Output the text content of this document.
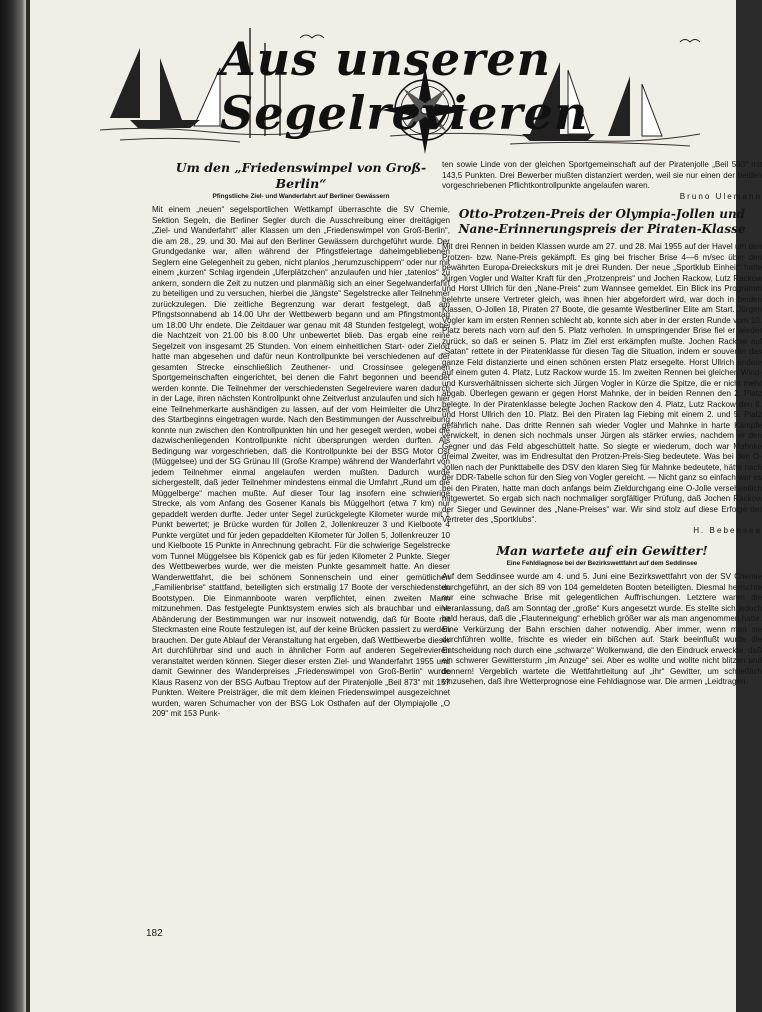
Aus unseren Segelrevieren
Um den „Friedenswimpel von Groß-Berlin“
Pfingstliche Ziel- und Wanderfahrt auf Berliner Gewässern

Mit einem „neuen“ segelsportlichen Wettkampf überraschte die SV Chemie, Sektion Segeln, die Berliner Segler durch die Ausschreibung einer dreitägigen „Ziel- und Wanderfahrt“ aller Klassen um den „Friedenswimpel von Groß-Berlin“, die am 28., 29. und 30. Mai auf den Berliner Gewässern durchgeführt wurde. Der Grundgedanke war, allen während der Pfingstfeiertage daheimgebliebenen Seglern eine Gelegenheit zu geben, nicht planlos „herumzuschippern“ oder nur mit einem „kurzen“ Schlag irgendein „Uferplätzchen“ anzulaufen und hier „tatenlos“ zu ankern, sondern die Zeit zu nutzen und planmäßig sich an einer Segelwanderfahrt zu beteiligen und zu versuchen, hierbei die „längste“ Segelstrecke aller Teilnehmer zurückzulegen. Die zeitliche Begrenzung war derart festgelegt, daß am Pfingstsonnabend ab 14.00 Uhr der Wettbewerb begann und am Pfingstmontag um 18.00 Uhr endete. Die Zeitdauer war genau mit 48 Stunden festgelegt, wobei die Nachtzeit von 21.00 bis 8.00 Uhr unbewertet blieb. Das ergab eine reine Segelzeit von insgesamt 25 Stunden. Von einem einheitlichen Start- oder Zielort hatte man abgesehen und dafür neun Kontrollpunkte bei verschiedenen auf der gesamten Strecke einschließlich Zeuthener- und Crossinsee gelegenen Sportgemeinschaften eingerichtet, bei denen die Fahrt begonnen und beendet werden konnte. Die Teilnehmer der verschiedensten Segelreviere waren dadurch in der Lage, ihren nächsten Kontrollpunkt ohne Zeitverlust anzulaufen und sich hier eine Teilnehmerkarte aushändigen zu lassen, auf der vom Heimleiter die Uhrzeit des Startbeginns eingetragen wurde. Nach den Bestimmungen der Ausschreibung konnte nun zwischen den Kontrollpunkten hin und her gesegelt werden, wobei die dazwischenliegenden Kontrollpunkte nicht übersprungen werden durften. Als Bedingung war vorgeschrieben, daß die Kontrollpunkte bei der BSG Motor Ost (Müggelsee) und der SG Grünau III (Große Krampe) während der Wanderfahrt von jedem Teilnehmer einmal angelaufen werden mußten. Dadurch wurde sichergestellt, daß jeder Teilnehmer mindestens einmal die Umfahrt „Rund um die Müggelberge“ machen mußte. Auf dieser Tour lag insofern eine schwierige Strecke, als vom Anfang des Gosener Kanals bis Müggelhort (etwa 7 km) nur gepaddelt werden durfte. Jeder unter Segel zurückgelegte Kilometer wurde mit 1 Punkt bewertet; je Brücke wurden für Jollen 2, Jollenkreuzer 3 und Kielboote 4 Punkte vergütet und für jeden gepaddelten Kilometer für Jollen 5, Jollenkreuzer 10 und Kielboote 15 Punkte in Anrechnung gebracht. Für die schwierige Segelstrecke vom Tunnel Müggelsee bis Köpenick gab es für jeden Kilometer 2 Punkte. Sieger des Wettbewerbes wurde, wer die meisten Punkte gesammelt hatte. An dieser Wanderwettfahrt, die bei schönem Sonnenschein und einer gemütlichen „Familienbrise“ stattfand, beteiligten sich erstmalig 17 Boote der verschiedensten Bootstypen. Die Einmannboote waren verpflichtet, einen zweiten Mann mitzunehmen. Das festgelegte Punktsystem erwies sich als brauchbar und eine Abänderung der Bestimmungen war nur insoweit notwendig, daß für Boote mit Steckmasten eine Route festzulegen ist, auf der keine Brücken passiert zu werden brauchen. Der gute Ablauf der Veranstaltung hat ergeben, daß Wettbewerbe dieser Art durchführbar sind und auch in ähnlicher Form auf anderen Segelrevieren veranstaltet werden können. Sieger dieser ersten Ziel- und Wanderfahrt 1955 und damit Gewinner des Wanderpreises „Friedenswimpel von Groß-Berlin“ wurde Klaus Rasenz von der BSG Aufbau Treptow auf der Piratenjolle „Beil 873“ mit 157 Punkten. Weitere Preisträger, die mit dem kleinen Friedenswimpel ausgezeichnet wurden, waren Schumacher von der BSG Lok Osthafen auf der Olympiajolle „O 209“ mit 153 Punk-

ten sowie Linde von der gleichen Sportgemeinschaft auf der Piratenjolle „Beil 593“ mit 143,5 Punkten. Drei Bewerber mußten distanziert werden, weil sie nur einen der beiden vorgeschriebenen Pflichtkontrollpunkte angelaufen waren.

Bruno Ulemann

Otto-Protzen-Preis der Olympia-Jollen und Nane-Erinnerungspreis der Piraten-Klasse

Mit drei Rennen in beiden Klassen wurde am 27. und 28. Mai 1955 auf der Havel um den Protzen- bzw. Nane-Preis gekämpft. Es ging bei frischer Brise 4—6 m/sec über den bewährten Europa-Dreieckskurs mit je drei Runden. Der neue „Sportklub Einheit“ hatte Jürgen Vogler und Walter Kraft für den „Protzenpreis“ und Jochen Rackow, Lutz Rackow und Horst Ullrich für den „Nane-Preis“ zum Wannsee gemeldet. Ein Blick ins Programm belehrte unsere Vertreter gleich, was ihnen hier abgefordert wird, war doch in beiden Klassen, O-Jollen 18, Piraten 27 Boote, die gesamte Westberliner Elite am Start. Jürgen Vogler kam im ersten Rennen schlecht ab, konnte sich aber in der ersten Runde vom 10. Platz berets nach vorn auf den 5. Platz verholen. In umspringender Brise fiel er wieder zurück, so daß er seinen 5. Platz im Ziel erst erkämpfen mußte. Jochen Rackow auf „Satan“ rettete in der Piratenklasse für diesen Tag die Situation, indem er souverän das ganze Feld distanzierte und einen schönen ersten Platz ersegelte. Horst Ullrich endete auf einem guten 4. Platz, Lutz Rackow wurde 15. Im zweiten Rennen bei gleichen Wind- und Kursverhältnissen sicherte sich Jürgen Vogler in Kürze die Spitze, die er nicht mehr abgab. Überlegen gewann er gegen Horst Mahnke, der in beiden Rennen den 2. Platz belegte. In der Piratenklasse belegte Jochen Rackow den 4. Platz, Lutz Rackow den 8. und Horst Ullrich den 10. Platz. Bei den Piraten lag Fiebing mit einem 2. und 5. Platz gefährlich nahe. Das dritte Rennen sah wieder Vogler und Mahnke in harte Kämpfe verwickelt, in denen sich nochmals unser Jürgen als stärker erwies, nachdem er den Gegner und das Feld abgeschüttelt hatte. So siegte er wiederum, doch war Mahnke dreimal Zweiter, was im Endresultat den Protzen-Preis-Sieg bedeutete. Was bei den O-Jollen nach der Punkttabelle des DSV den klaren Sieg für Mahnke bedeutete, hätte nach der DDR-Tabelle schon für den Sieg von Vogler gereicht. — Nicht ganz so einfach war es bei den Piraten, hatte man doch anfangs beim Zieldurchgang eine O-Jolle versehentlich mitgewertet. So ergab sich nach nochmaliger sorgfältiger Prüfung, daß Jochen Rackow der Sieger und Gewinner des „Nane-Preises“ war. Wir sind stolz auf diese Erfolge der Vertreter des „Sportklubs“.

H. Bebensee

Man wartete auf ein Gewitter!
Eine Fehldiagnose bei der Bezirkswettfahrt auf dem Seddinsee

Auf dem Seddinsee wurde am 4. und 5. Juni eine Bezirkswettfahrt von der SV Chemie durchgeführt, an der sich 89 von 104 gemeldeten Booten beteiligten. Diesmal herrschte nur eine schwache Brise mit gelegentlichen Auffrischungen. Letztere waren die Veranlassung, daß am Sonntag der „große“ Kurs angesetzt wurde. Es stellte sich jedoch bald heraus, daß die „Flautenneigung“ erheblich größer war als man angenommen hatte. Eine Verkürzung der Bahn erschien daher notwendig. Aber immer, wenn man sie durchführen wollte, frischte es wieder ein bißchen auf. Stark beeinflußt wurde die Entscheidung noch durch eine „schwarze“ Wolkenwand, die den Eindruck erweckte, daß ein schwerer Gewittersturm „im Anzuge“ sei. Aber es wollte und wollte nicht blitzen und donnern! Vergeblich wartete die Wettfahrtleitung auf „ihr“ Gewitter, um schließlich einzusehen, daß ihre Wetterprognose eine Fehldiagnose war. Die armen „Leidtragen-

182
